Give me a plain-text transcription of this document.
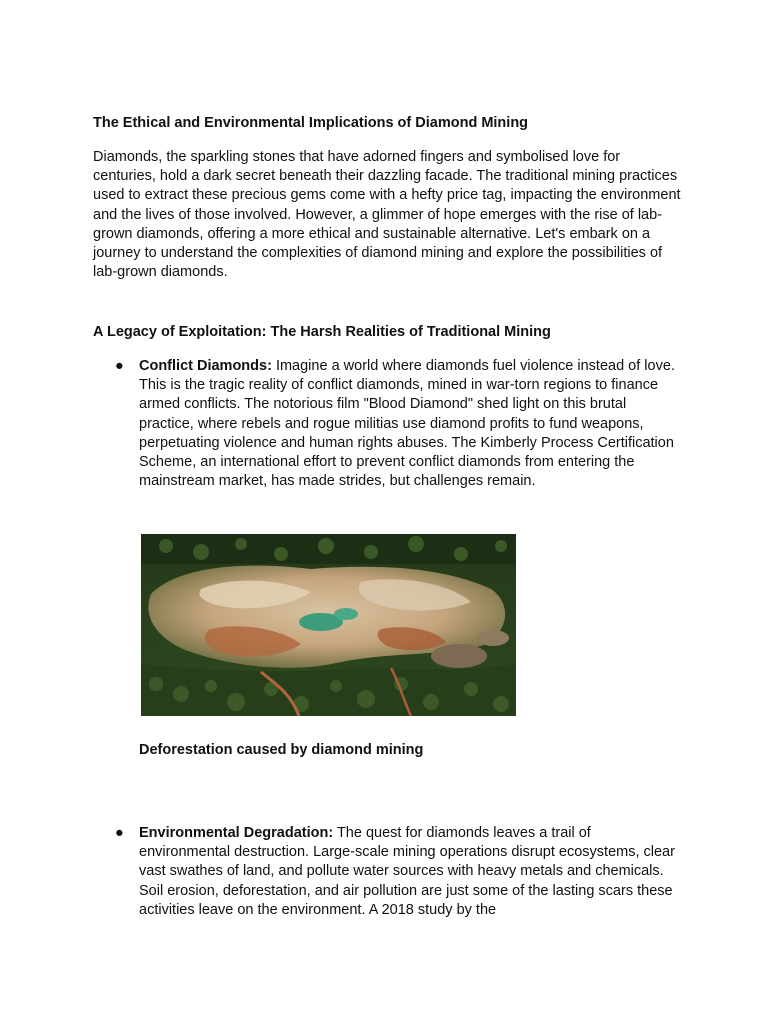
The Ethical and Environmental Implications of Diamond Mining

Diamonds, the sparkling stones that have adorned fingers and symbolised love for centuries, hold a dark secret beneath their dazzling facade. The traditional mining practices used to extract these precious gems come with a hefty price tag, impacting the environment and the lives of those involved. However, a glimmer of hope emerges with the rise of lab-grown diamonds, offering a more ethical and sustainable alternative. Let's embark on a journey to understand the complexities of diamond mining and explore the possibilities of lab-grown diamonds.

A Legacy of Exploitation: The Harsh Realities of Traditional Mining

● Conflict Diamonds: Imagine a world where diamonds fuel violence instead of love. This is the tragic reality of conflict diamonds, mined in war-torn regions to finance armed conflicts. The notorious film "Blood Diamond" shed light on this brutal practice, where rebels and rogue militias use diamond profits to fund weapons, perpetuating violence and human rights abuses. The Kimberly Process Certification Scheme, an international effort to prevent conflict diamonds from entering the mainstream market, has made strides, but challenges remain.

Deforestation caused by diamond mining

● Environmental Degradation: The quest for diamonds leaves a trail of environmental destruction. Large-scale mining operations disrupt ecosystems, clear vast swathes of land, and pollute water sources with heavy metals and chemicals. Soil erosion, deforestation, and air pollution are just some of the lasting scars these activities leave on the environment. A 2018 study by the
